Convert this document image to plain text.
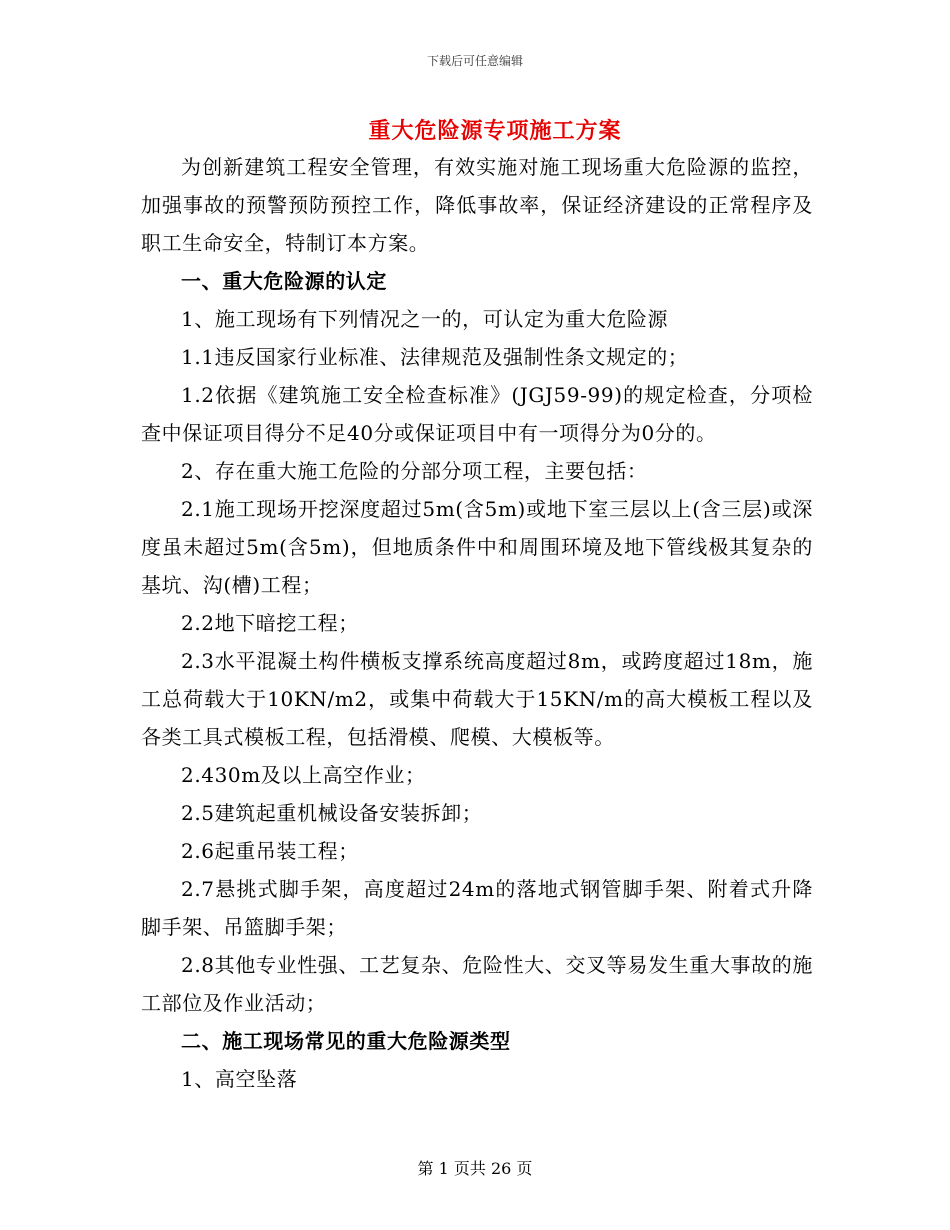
下载后可任意编辑
重大危险源专项施工方案

为创新建筑工程安全管理，有效实施对施工现场重大危险源的监控，加强事故的预警预防预控工作，降低事故率，保证经济建设的正常程序及职工生命安全，特制订本方案。

一、重大危险源的认定

1、施工现场有下列情况之一的，可认定为重大危险源

1.1违反国家行业标准、法律规范及强制性条文规定的；

1.2依据《建筑施工安全检查标准》(JGJ59-99)的规定检查，分项检查中保证项目得分不足40分或保证项目中有一项得分为0分的。

2、存在重大施工危险的分部分项工程，主要包括：

2.1施工现场开挖深度超过5m(含5m)或地下室三层以上(含三层)或深度虽未超过5m(含5m)，但地质条件中和周围环境及地下管线极其复杂的基坑、沟(槽)工程；

2.2地下暗挖工程；

2.3水平混凝土构件横板支撑系统高度超过8m，或跨度超过18m，施工总荷载大于10KN/m2，或集中荷载大于15KN/m的高大模板工程以及各类工具式模板工程，包括滑模、爬模、大模板等。

2.430m及以上高空作业；

2.5建筑起重机械设备安装拆卸；

2.6起重吊装工程；

2.7悬挑式脚手架，高度超过24m的落地式钢管脚手架、附着式升降脚手架、吊篮脚手架；

2.8其他专业性强、工艺复杂、危险性大、交叉等易发生重大事故的施工部位及作业活动；

二、施工现场常见的重大危险源类型

1、高空坠落

第 1 页共 26 页
